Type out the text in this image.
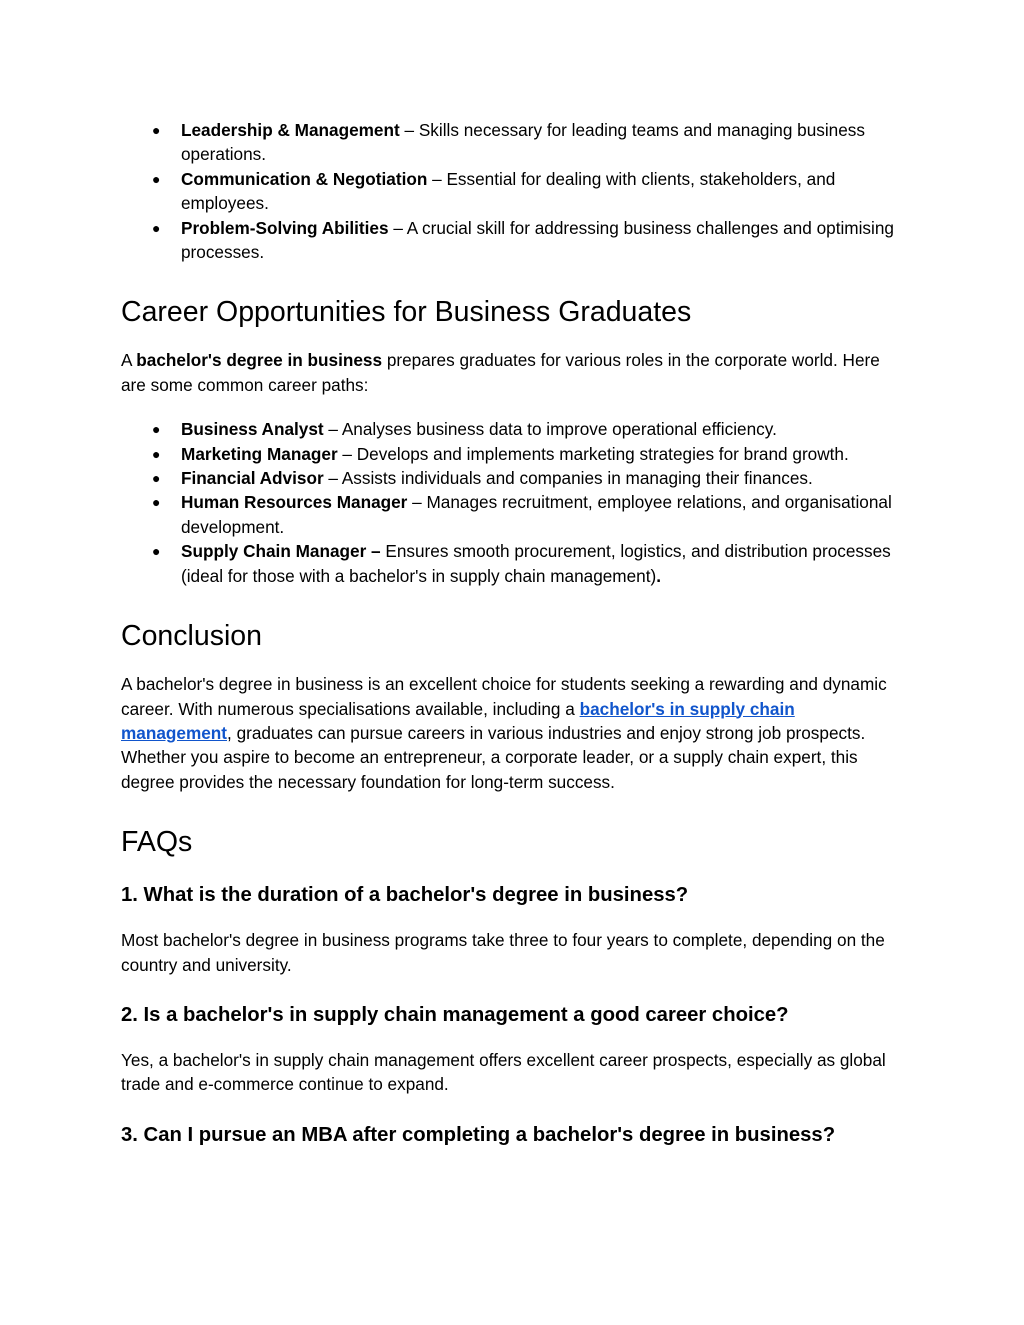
● Leadership & Management – Skills necessary for leading teams and managing business operations.
● Communication & Negotiation – Essential for dealing with clients, stakeholders, and employees.
● Problem-Solving Abilities – A crucial skill for addressing business challenges and optimising processes.
Career Opportunities for Business Graduates

A bachelor's degree in business prepares graduates for various roles in the corporate world. Here are some common career paths:

● Business Analyst – Analyses business data to improve operational efficiency.
● Marketing Manager – Develops and implements marketing strategies for brand growth.
● Financial Advisor – Assists individuals and companies in managing their finances.
● Human Resources Manager – Manages recruitment, employee relations, and organisational development.
● Supply Chain Manager – Ensures smooth procurement, logistics, and distribution processes (ideal for those with a bachelor's in supply chain management).
Conclusion

A bachelor's degree in business is an excellent choice for students seeking a rewarding and dynamic career. With numerous specialisations available, including a bachelor's in supply chain management, graduates can pursue careers in various industries and enjoy strong job prospects. Whether you aspire to become an entrepreneur, a corporate leader, or a supply chain expert, this degree provides the necessary foundation for long-term success.

FAQs
1. What is the duration of a bachelor's degree in business?

Most bachelor's degree in business programs take three to four years to complete, depending on the country and university.

2. Is a bachelor's in supply chain management a good career choice?

Yes, a bachelor's in supply chain management offers excellent career prospects, especially as global trade and e-commerce continue to expand.

3. Can I pursue an MBA after completing a bachelor's degree in business?
